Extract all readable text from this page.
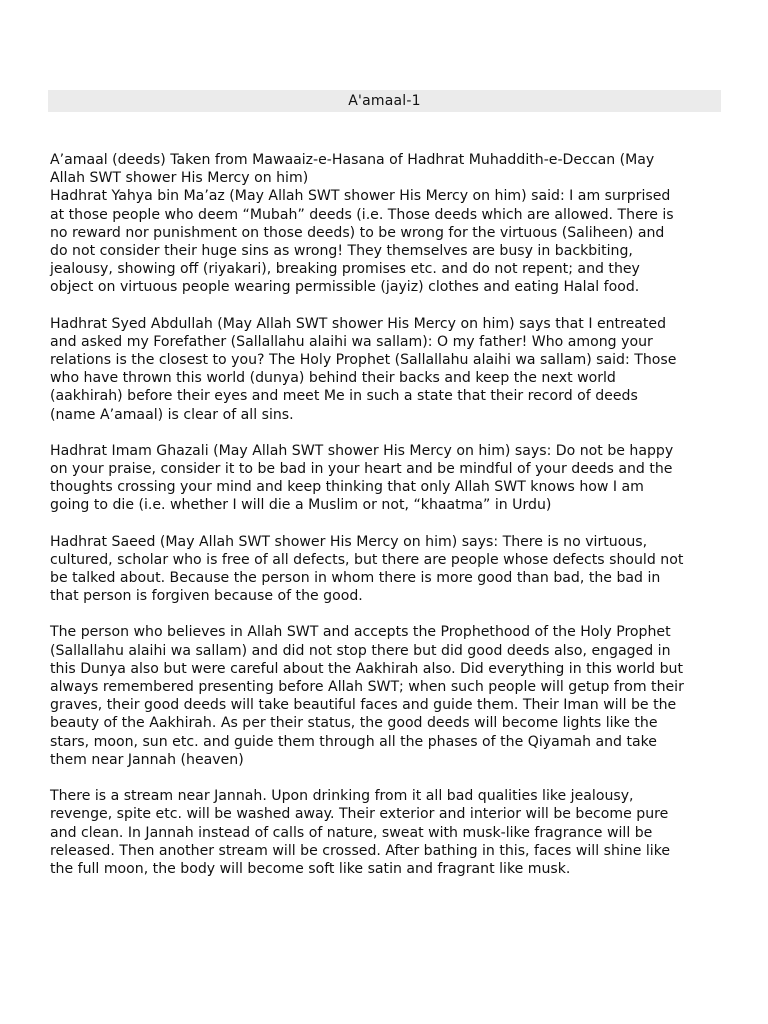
A'amaal-1

A’amaal (deeds) Taken from Mawaaiz-e-Hasana of Hadhrat Muhaddith-e-Deccan (May
Allah SWT shower His Mercy on him)
Hadhrat Yahya bin Ma’az (May Allah SWT shower His Mercy on him) said: I am surprised
at those people who deem “Mubah” deeds (i.e. Those deeds which are allowed. There is
no reward nor punishment on those deeds) to be wrong for the virtuous (Saliheen) and
do not consider their huge sins as wrong! They themselves are busy in backbiting,
jealousy, showing off (riyakari), breaking promises etc. and do not repent; and they
object on virtuous people wearing permissible (jayiz) clothes and eating Halal food.

Hadhrat Syed Abdullah (May Allah SWT shower His Mercy on him) says that I entreated
and asked my Forefather (Sallallahu alaihi wa sallam): O my father! Who among your
relations is the closest to you? The Holy Prophet (Sallallahu alaihi wa sallam) said: Those
who have thrown this world (dunya) behind their backs and keep the next world
(aakhirah) before their eyes and meet Me in such a state that their record of deeds
(name A’amaal) is clear of all sins.

Hadhrat Imam Ghazali (May Allah SWT shower His Mercy on him) says: Do not be happy
on your praise, consider it to be bad in your heart and be mindful of your deeds and the
thoughts crossing your mind and keep thinking that only Allah SWT knows how I am
going to die (i.e. whether I will die a Muslim or not, “khaatma” in Urdu)

Hadhrat Saeed (May Allah SWT shower His Mercy on him) says: There is no virtuous,
cultured, scholar who is free of all defects, but there are people whose defects should not
be talked about. Because the person in whom there is more good than bad, the bad in
that person is forgiven because of the good.

The person who believes in Allah SWT and accepts the Prophethood of the Holy Prophet
(Sallallahu alaihi wa sallam) and did not stop there but did good deeds also, engaged in
this Dunya also but were careful about the Aakhirah also. Did everything in this world but
always remembered presenting before Allah SWT; when such people will getup from their
graves, their good deeds will take beautiful faces and guide them. Their Iman will be the
beauty of the Aakhirah. As per their status, the good deeds will become lights like the
stars, moon, sun etc. and guide them through all the phases of the Qiyamah and take
them near Jannah (heaven)

There is a stream near Jannah. Upon drinking from it all bad qualities like jealousy,
revenge, spite etc. will be washed away. Their exterior and interior will be become pure
and clean. In Jannah instead of calls of nature, sweat with musk-like fragrance will be
released. Then another stream will be crossed. After bathing in this, faces will shine like
the full moon, the body will become soft like satin and fragrant like musk.
